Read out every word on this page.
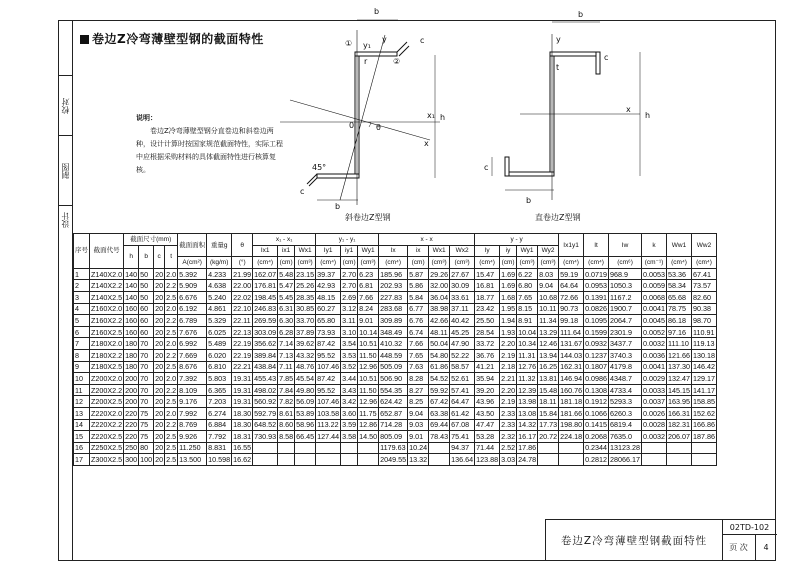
校对
制图
设计
卷边Z冷弯薄壁型钢的截面特性
说明：
卷边Z冷弯薄壁型钢分直卷边和斜卷边两种，设计计算时按国家规范截面特性，实际工程中应根据采购材料的具体截面特性进行核算复核。
b
h
b
c
c
0	θ
x₁
x
y₁
y
r
①
②
45°
b
c
h
x
y
b
c
t
斜卷边Z型钢	直卷边Z型钢
序号	截面代号	截面尺寸(mm)				截面面积	重量g	θ	x₁ - x₁			y₁ - y₁			x - x				y - y				Ix1y1	It	Iw	k	Ww1	Ww2
		h	b	c	t				Ix1	ix1	Wx1	Iy1	iy1	Wy1	Ix	ix	Wx1	Wx2	Iy	iy	Wy1	Wy2						
						A(cm²)	(kg/m)	(°)	(cm⁴)	(cm)	(cm³)	(cm⁴)	(cm)	(cm³)	(cm⁴)	(cm)	(cm³)	(cm³)	(cm⁴)	(cm)	(cm³)	(cm³)	(cm⁴)	(cm⁴)	(cm⁶)	(cm⁻¹)	(cm⁴)	(cm⁴)
1	Z140X2.0	140	50	20	2.0	5.392	4.233	21.99	162.07	5.48	23.15	39.37	2.70	6.23	185.96	5.87	29.26	27.67	15.47	1.69	6.22	8.03	59.19	0.0719	968.9	0.0053	53.36	67.41
2	Z140X2.2	140	50	20	2.2	5.909	4.638	22.00	176.81	5.47	25.26	42.93	2.70	6.81	202.93	5.86	32.00	30.09	16.81	1.69	6.80	9.04	64.64	0.0953	1050.3	0.0059	58.34	73.57
3	Z140X2.5	140	50	20	2.5	6.676	5.240	22.02	198.45	5.45	28.35	48.15	2.69	7.66	227.83	5.84	36.04	33.61	18.77	1.68	7.65	10.68	72.66	0.1391	1167.2	0.0068	65.68	82.60
4	Z160X2.0	160	60	20	2.0	6.192	4.861	22.10	246.83	6.31	30.85	60.27	3.12	8.24	283.68	6.77	38.98	37.11	23.42	1.95	8.15	10.11	90.73	0.0826	1900.7	0.0041	78.75	90.38
5	Z160X2.2	160	60	20	2.2	6.789	5.329	22.11	269.59	6.30	33.70	65.80	3.11	9.01	309.89	6.76	42.66	40.42	25.50	1.94	8.91	11.34	99.18	0.1095	2064.7	0.0045	86.18	98.70
6	Z160X2.5	160	60	20	2.5	7.676	6.025	22.13	303.09	6.28	37.89	73.93	3.10	10.14	348.49	6.74	48.11	45.25	28.54	1.93	10.04	13.29	111.64	0.1599	2301.9	0.0052	97.16	110.91
7	Z180X2.0	180	70	20	2.0	6.992	5.489	22.19	356.62	7.14	39.62	87.42	3.54	10.51	410.32	7.66	50.04	47.90	33.72	2.20	10.34	12.46	131.67	0.0932	3437.7	0.0032	111.10	119.13
8	Z180X2.2	180	70	20	2.2	7.669	6.020	22.19	389.84	7.13	43.32	95.52	3.53	11.50	448.59	7.65	54.80	52.22	36.76	2.19	11.31	13.94	144.03	0.1237	3740.3	0.0036	121.66	130.18
9	Z180X2.5	180	70	20	2.5	8.676	6.810	22.21	438.84	7.11	48.76	107.46	3.52	12.96	505.09	7.63	61.86	58.57	41.21	2.18	12.76	16.25	162.31	0.1807	4179.8	0.0041	137.30	146.42
10	Z200X2.0	200	70	20	2.0	7.392	5.803	19.31	455.43	7.85	45.54	87.42	3.44	10.51	506.90	8.28	54.52	52.61	35.94	2.21	11.32	13.81	146.94	0.0986	4348.7	0.0029	132.47	129.17
11	Z200X2.2	200	70	20	2.2	8.109	6.365	19.31	498.02	7.84	49.80	95.52	3.43	11.50	554.35	8.27	59.92	57.41	39.20	2.20	12.39	15.48	160.76	0.1308	4733.4	0.0033	145.15	141.17
12	Z200X2.5	200	70	20	2.5	9.176	7.203	19.31	560.92	7.82	56.09	107.46	3.42	12.96	624.42	8.25	67.42	64.47	43.96	2.19	13.98	18.11	181.18	0.1912	5293.3	0.0037	163.95	158.85
13	Z220X2.0	220	75	20	2.0	7.992	6.274	18.30	592.79	8.61	53.89	103.58	3.60	11.75	652.87	9.04	63.38	61.42	43.50	2.33	13.08	15.84	181.66	0.1066	6260.3	0.0026	166.31	152.62
14	Z220X2.2	220	75	20	2.2	8.769	6.884	18.30	648.52	8.60	58.96	113.22	3.59	12.86	714.28	9.03	69.44	67.08	47.47	2.33	14.32	17.73	198.80	0.1415	6819.4	0.0028	182.31	166.86
15	Z220X2.5	220	75	20	2.5	9.926	7.792	18.31	730.93	8.58	66.45	127.44	3.58	14.50	805.09	9.01	78.43	75.41	53.28	2.32	16.17	20.72	224.18	0.2068	7635.0	0.0032	206.07	187.86
16	Z250X2.5	250	80	20	2.5	11.250	8.831	16.55							1179.63	10.24		94.37	71.44	2.52	17.86			0.2344	13123.28			
17	Z300X2.5	300	100	20	2.5	13.500	10.598	16.62							2049.55	13.32		136.64	123.88	3.03	24.78			0.2812	28066.17			
卷边Z冷弯薄壁型钢截面特性
02TD-102
页 次	4
